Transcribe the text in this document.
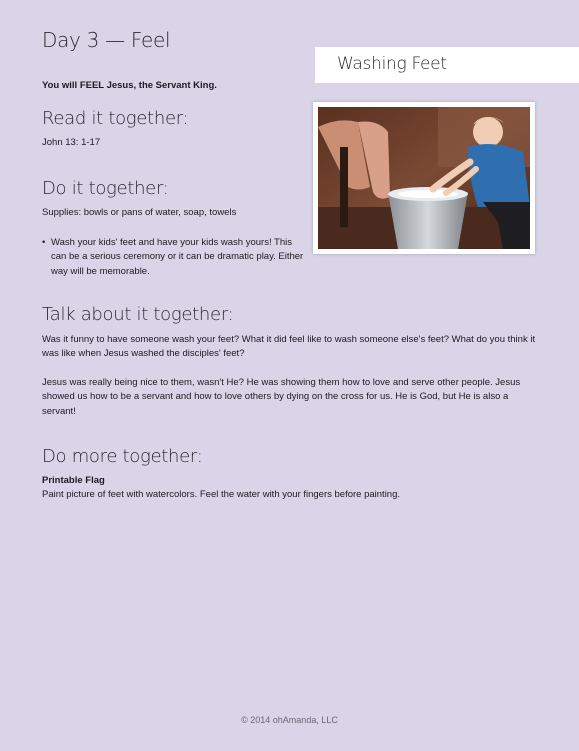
Day 3 — Feel
Washing Feet
You will FEEL Jesus, the Servant King.
Read it together:
John 13: 1-17
Do it together:
Supplies: bowls or pans of water, soap, towels
• Wash your kids' feet and have your kids wash yours! This can be a serious ceremony or it can be dramatic play. Either way will be memorable.
Talk about it together:
Was it funny to have someone wash your feet? What it did feel like to wash someone else's feet? What do you think it was like when Jesus washed the disciples' feet?
Jesus was really being nice to them, wasn't He? He was showing them how to love and serve other people. Jesus showed us how to be a servant and how to love others by dying on the cross for us. He is God, but He is also a servant!
Do more together:
Printable Flag
Paint picture of feet with watercolors. Feel the water with your fingers before painting.
© 2014 ohAmanda, LLC
